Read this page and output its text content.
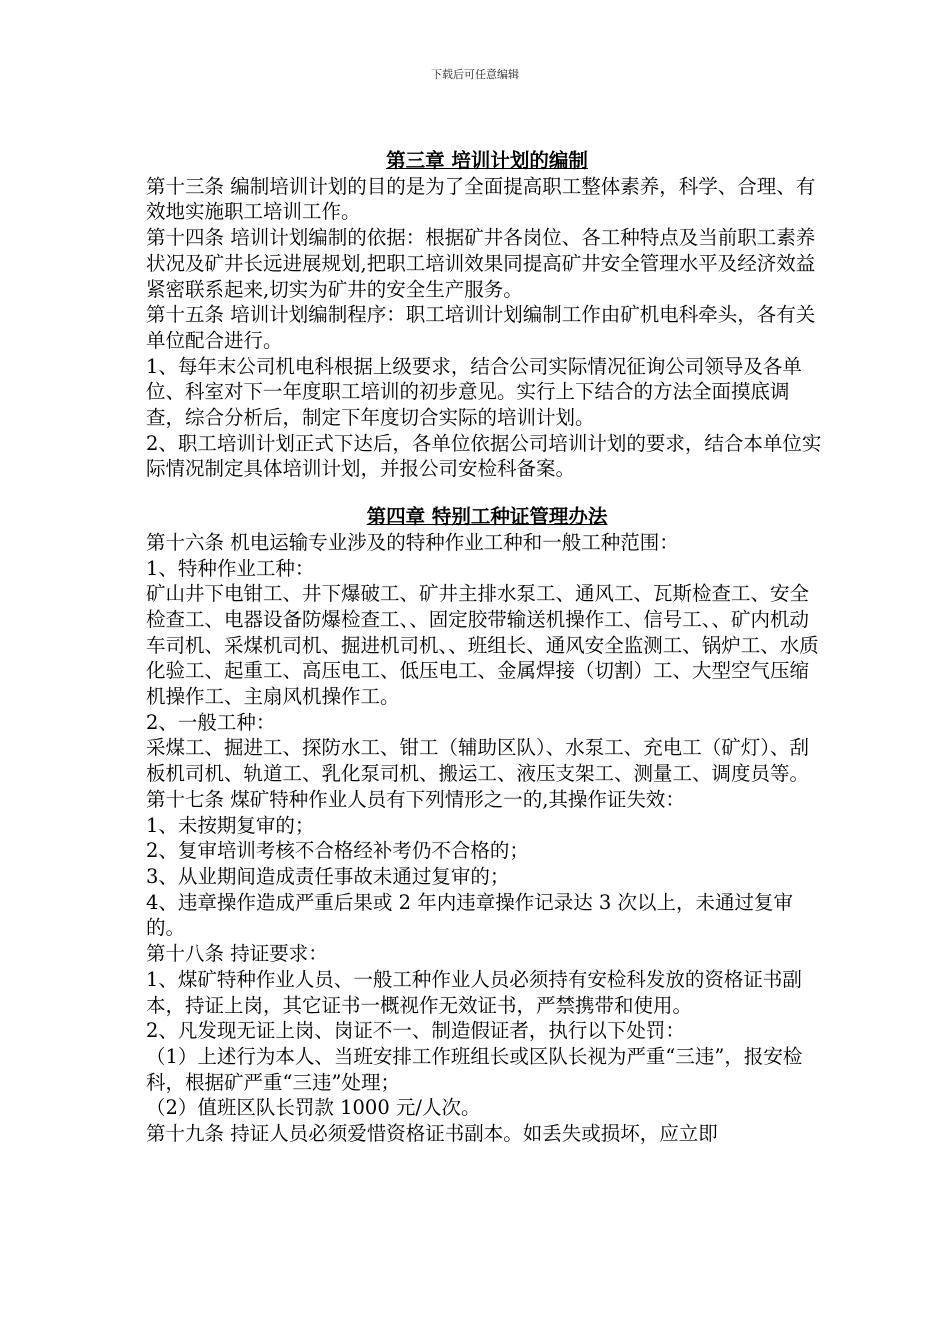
下载后可任意编辑

第三章 培训计划的编制

第十三条 编制培训计划的目的是为了全面提高职工整体素养，科学、合理、有效地实施职工培训工作。

第十四条 培训计划编制的依据：根据矿井各岗位、各工种特点及当前职工素养状况及矿井长远进展规划,把职工培训效果同提高矿井安全管理水平及经济效益紧密联系起来,切实为矿井的安全生产服务。

第十五条 培训计划编制程序：职工培训计划编制工作由矿机电科牵头，各有关单位配合进行。

1、每年末公司机电科根据上级要求，结合公司实际情况征询公司领导及各单位、科室对下一年度职工培训的初步意见。实行上下结合的方法全面摸底调查，综合分析后，制定下年度切合实际的培训计划。

2、职工培训计划正式下达后，各单位依据公司培训计划的要求，结合本单位实际情况制定具体培训计划，并报公司安检科备案。

第四章 特别工种证管理办法

第十六条 机电运输专业涉及的特种作业工种和一般工种范围：

1、特种作业工种：

矿山井下电钳工、井下爆破工、矿井主排水泵工、通风工、瓦斯检查工、安全检查工、电器设备防爆检查工、、固定胶带输送机操作工、信号工、、矿内机动车司机、采煤机司机、掘进机司机、、班组长、通风安全监测工、锅炉工、水质化验工、起重工、高压电工、低压电工、金属焊接（切割）工、大型空气压缩机操作工、主扇风机操作工。

2、一般工种：

采煤工、掘进工、探防水工、钳工（辅助区队）、水泵工、充电工（矿灯）、刮板机司机、轨道工、乳化泵司机、搬运工、液压支架工、测量工、调度员等。

第十七条 煤矿特种作业人员有下列情形之一的,其操作证失效：

1、未按期复审的；

2、复审培训考核不合格经补考仍不合格的；

3、从业期间造成责任事故未通过复审的；

4、违章操作造成严重后果或 2 年内违章操作记录达 3 次以上，未通过复审的。

第十八条 持证要求：

1、煤矿特种作业人员、一般工种作业人员必须持有安检科发放的资格证书副本，持证上岗，其它证书一概视作无效证书，严禁携带和使用。

2、凡发现无证上岗、岗证不一、制造假证者，执行以下处罚：

（1）上述行为本人、当班安排工作班组长或区队长视为严重“三违”，报安检科，根据矿严重“三违”处理；

（2）值班区队长罚款 1000 元/人次。

第十九条 持证人员必须爱惜资格证书副本。如丢失或损坏，应立即
